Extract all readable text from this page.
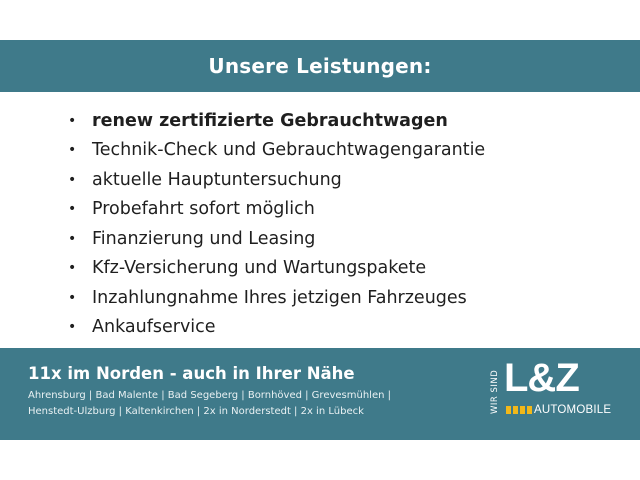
Unsere Leistungen:
• renew zertifizierte Gebrauchtwagen
• Technik-Check und Gebrauchtwagengarantie
• aktuelle Hauptuntersuchung
• Probefahrt sofort möglich
• Finanzierung und Leasing
• Kfz-Versicherung und Wartungspakete
• Inzahlungnahme Ihres jetzigen Fahrzeuges
• Ankaufservice
11x im Norden - auch in Ihrer Nähe
Ahrensburg | Bad Malente | Bad Segeberg | Bornhöved | Grevesmühlen |
Henstedt-Ulzburg | Kaltenkirchen | 2x in Norderstedt | 2x in Lübeck	WIR SIND L&Z
AUTOMOBILE
